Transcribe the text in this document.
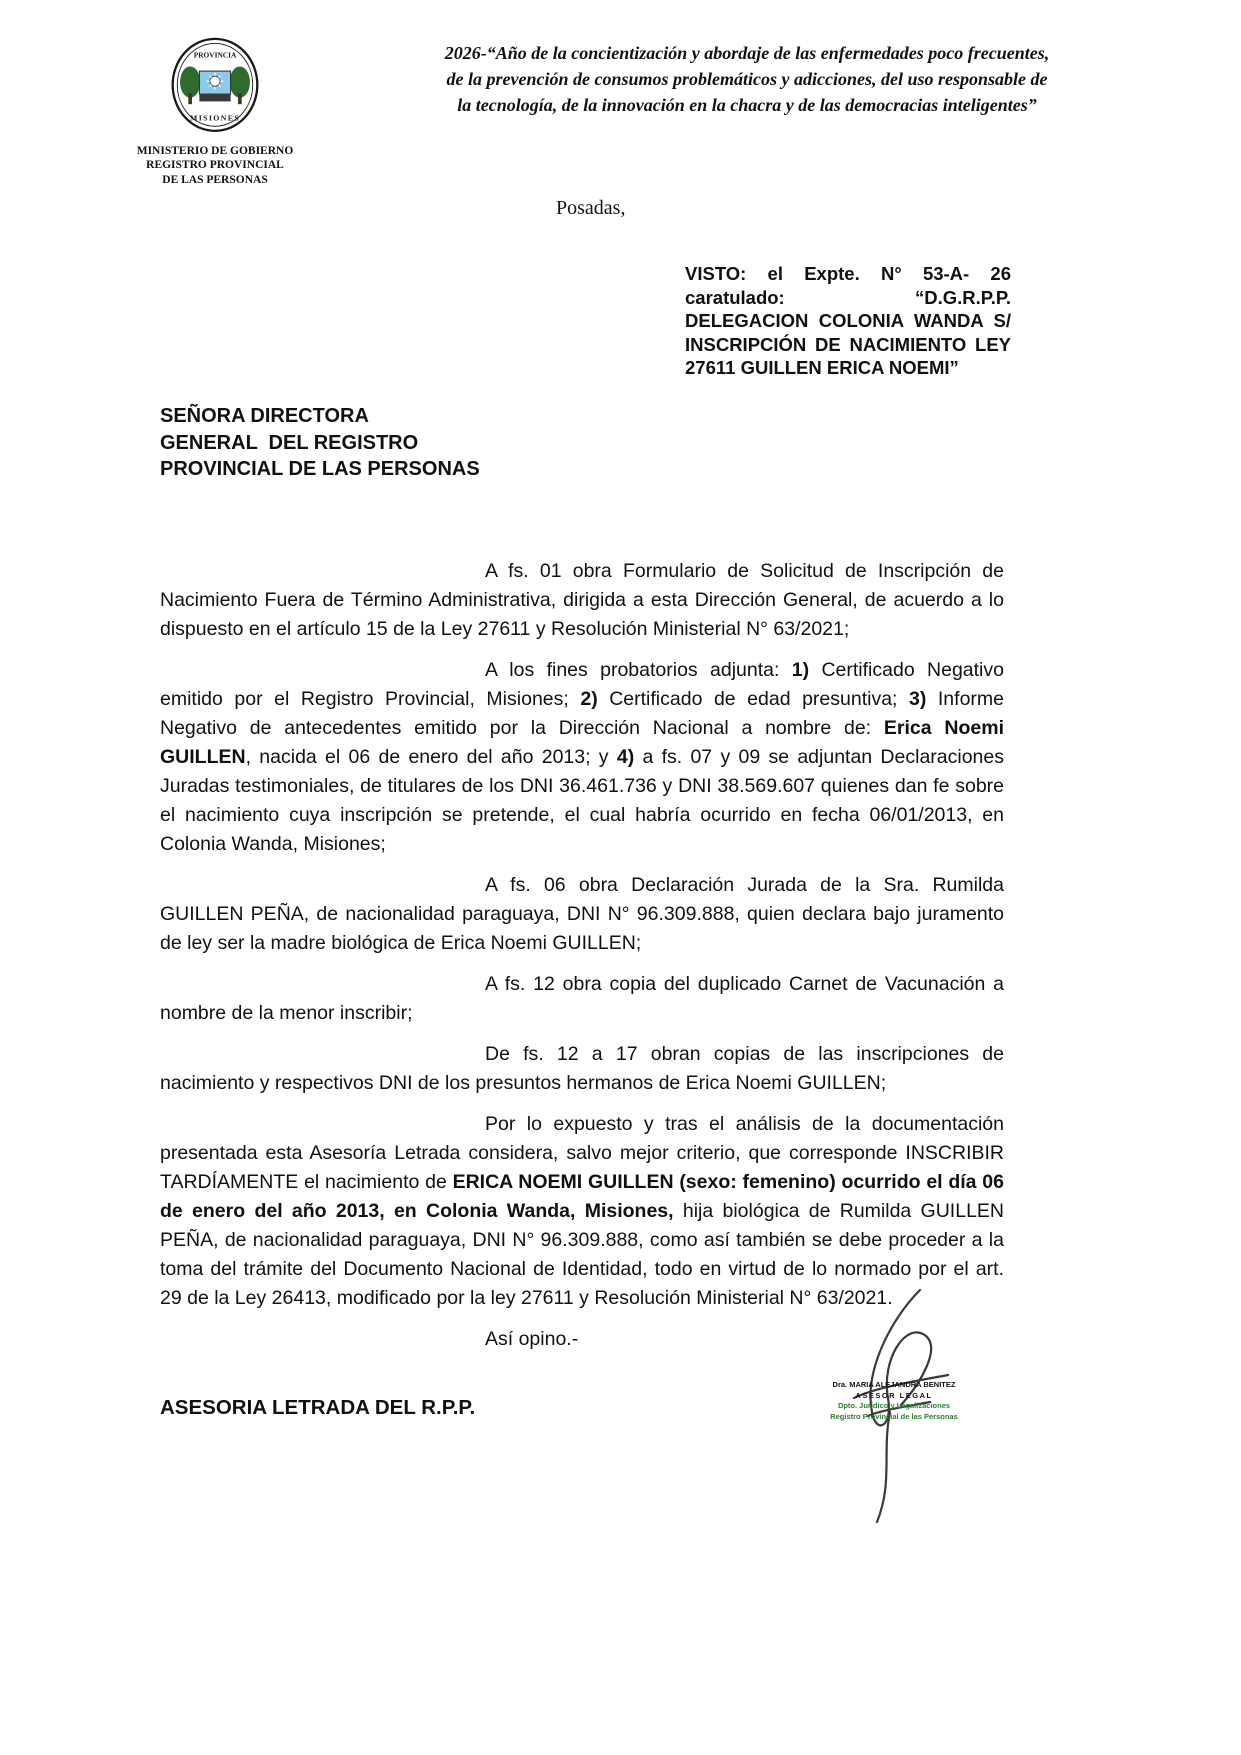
2026-“Año de la concientización y abordaje de las enfermedades poco frecuentes, de la prevención de consumos problemáticos y adicciones, del uso responsable de la tecnología, de la innovación en la chacra y de las democracias inteligentes”
PROVINCIA
MISIONES
MINISTERIO DE GOBIERNO
REGISTRO PROVINCIAL
DE LAS PERSONAS
Posadas,
VISTO: el Expte. N° 53-A- 26 caratulado: “D.G.R.P.P. DELEGACION COLONIA WANDA S/ INSCRIPCIÓN DE NACIMIENTO LEY 27611 GUILLEN ERICA NOEMI”
SEÑORA DIRECTORA
GENERAL  DEL REGISTRO
PROVINCIAL DE LAS PERSONAS

A fs. 01 obra Formulario de Solicitud de Inscripción de Nacimiento Fuera de Término Administrativa, dirigida a esta Dirección General, de acuerdo a lo dispuesto en el artículo 15 de la Ley 27611 y Resolución Ministerial N° 63/2021;

A los fines probatorios adjunta: 1) Certificado Negativo emitido por el Registro Provincial, Misiones; 2) Certificado de edad presuntiva; 3) Informe Negativo de antecedentes emitido por la Dirección Nacional a nombre de: Erica Noemi GUILLEN, nacida el 06 de enero del año 2013; y 4) a fs. 07 y 09 se adjuntan Declaraciones Juradas testimoniales, de titulares de los DNI 36.461.736 y DNI 38.569.607 quienes dan fe sobre el nacimiento cuya inscripción se pretende, el cual habría ocurrido en fecha 06/01/2013, en Colonia Wanda, Misiones;

A fs. 06 obra Declaración Jurada de la Sra. Rumilda GUILLEN PEÑA, de nacionalidad paraguaya, DNI N° 96.309.888, quien declara bajo juramento de ley ser la madre biológica de Erica Noemi GUILLEN;

A fs. 12 obra copia del duplicado Carnet de Vacunación a nombre de la menor inscribir;

De fs. 12 a 17 obran copias de las inscripciones de nacimiento y respectivos DNI de los presuntos hermanos de Erica Noemi GUILLEN;

Por lo expuesto y tras el análisis de la documentación presentada esta Asesoría Letrada considera, salvo mejor criterio, que corresponde INSCRIBIR TARDÍAMENTE el nacimiento de ERICA NOEMI GUILLEN (sexo: femenino) ocurrido el día 06 de enero del año 2013, en Colonia Wanda, Misiones, hija biológica de Rumilda GUILLEN PEÑA, de nacionalidad paraguaya, DNI N° 96.309.888, como así también se debe proceder a la toma del trámite del Documento Nacional de Identidad, todo en virtud de lo normado por el art. 29 de la Ley 26413, modificado por la ley 27611 y Resolución Ministerial N° 63/2021.

Así opino.-

ASESORIA LETRADA DEL R.P.P.
Dra. MARIA ALEJANDRA BENITEZ
ASESOR LEGAL
Dpto. Jurídico y Legalizaciones
Registro Provincial de las Personas
